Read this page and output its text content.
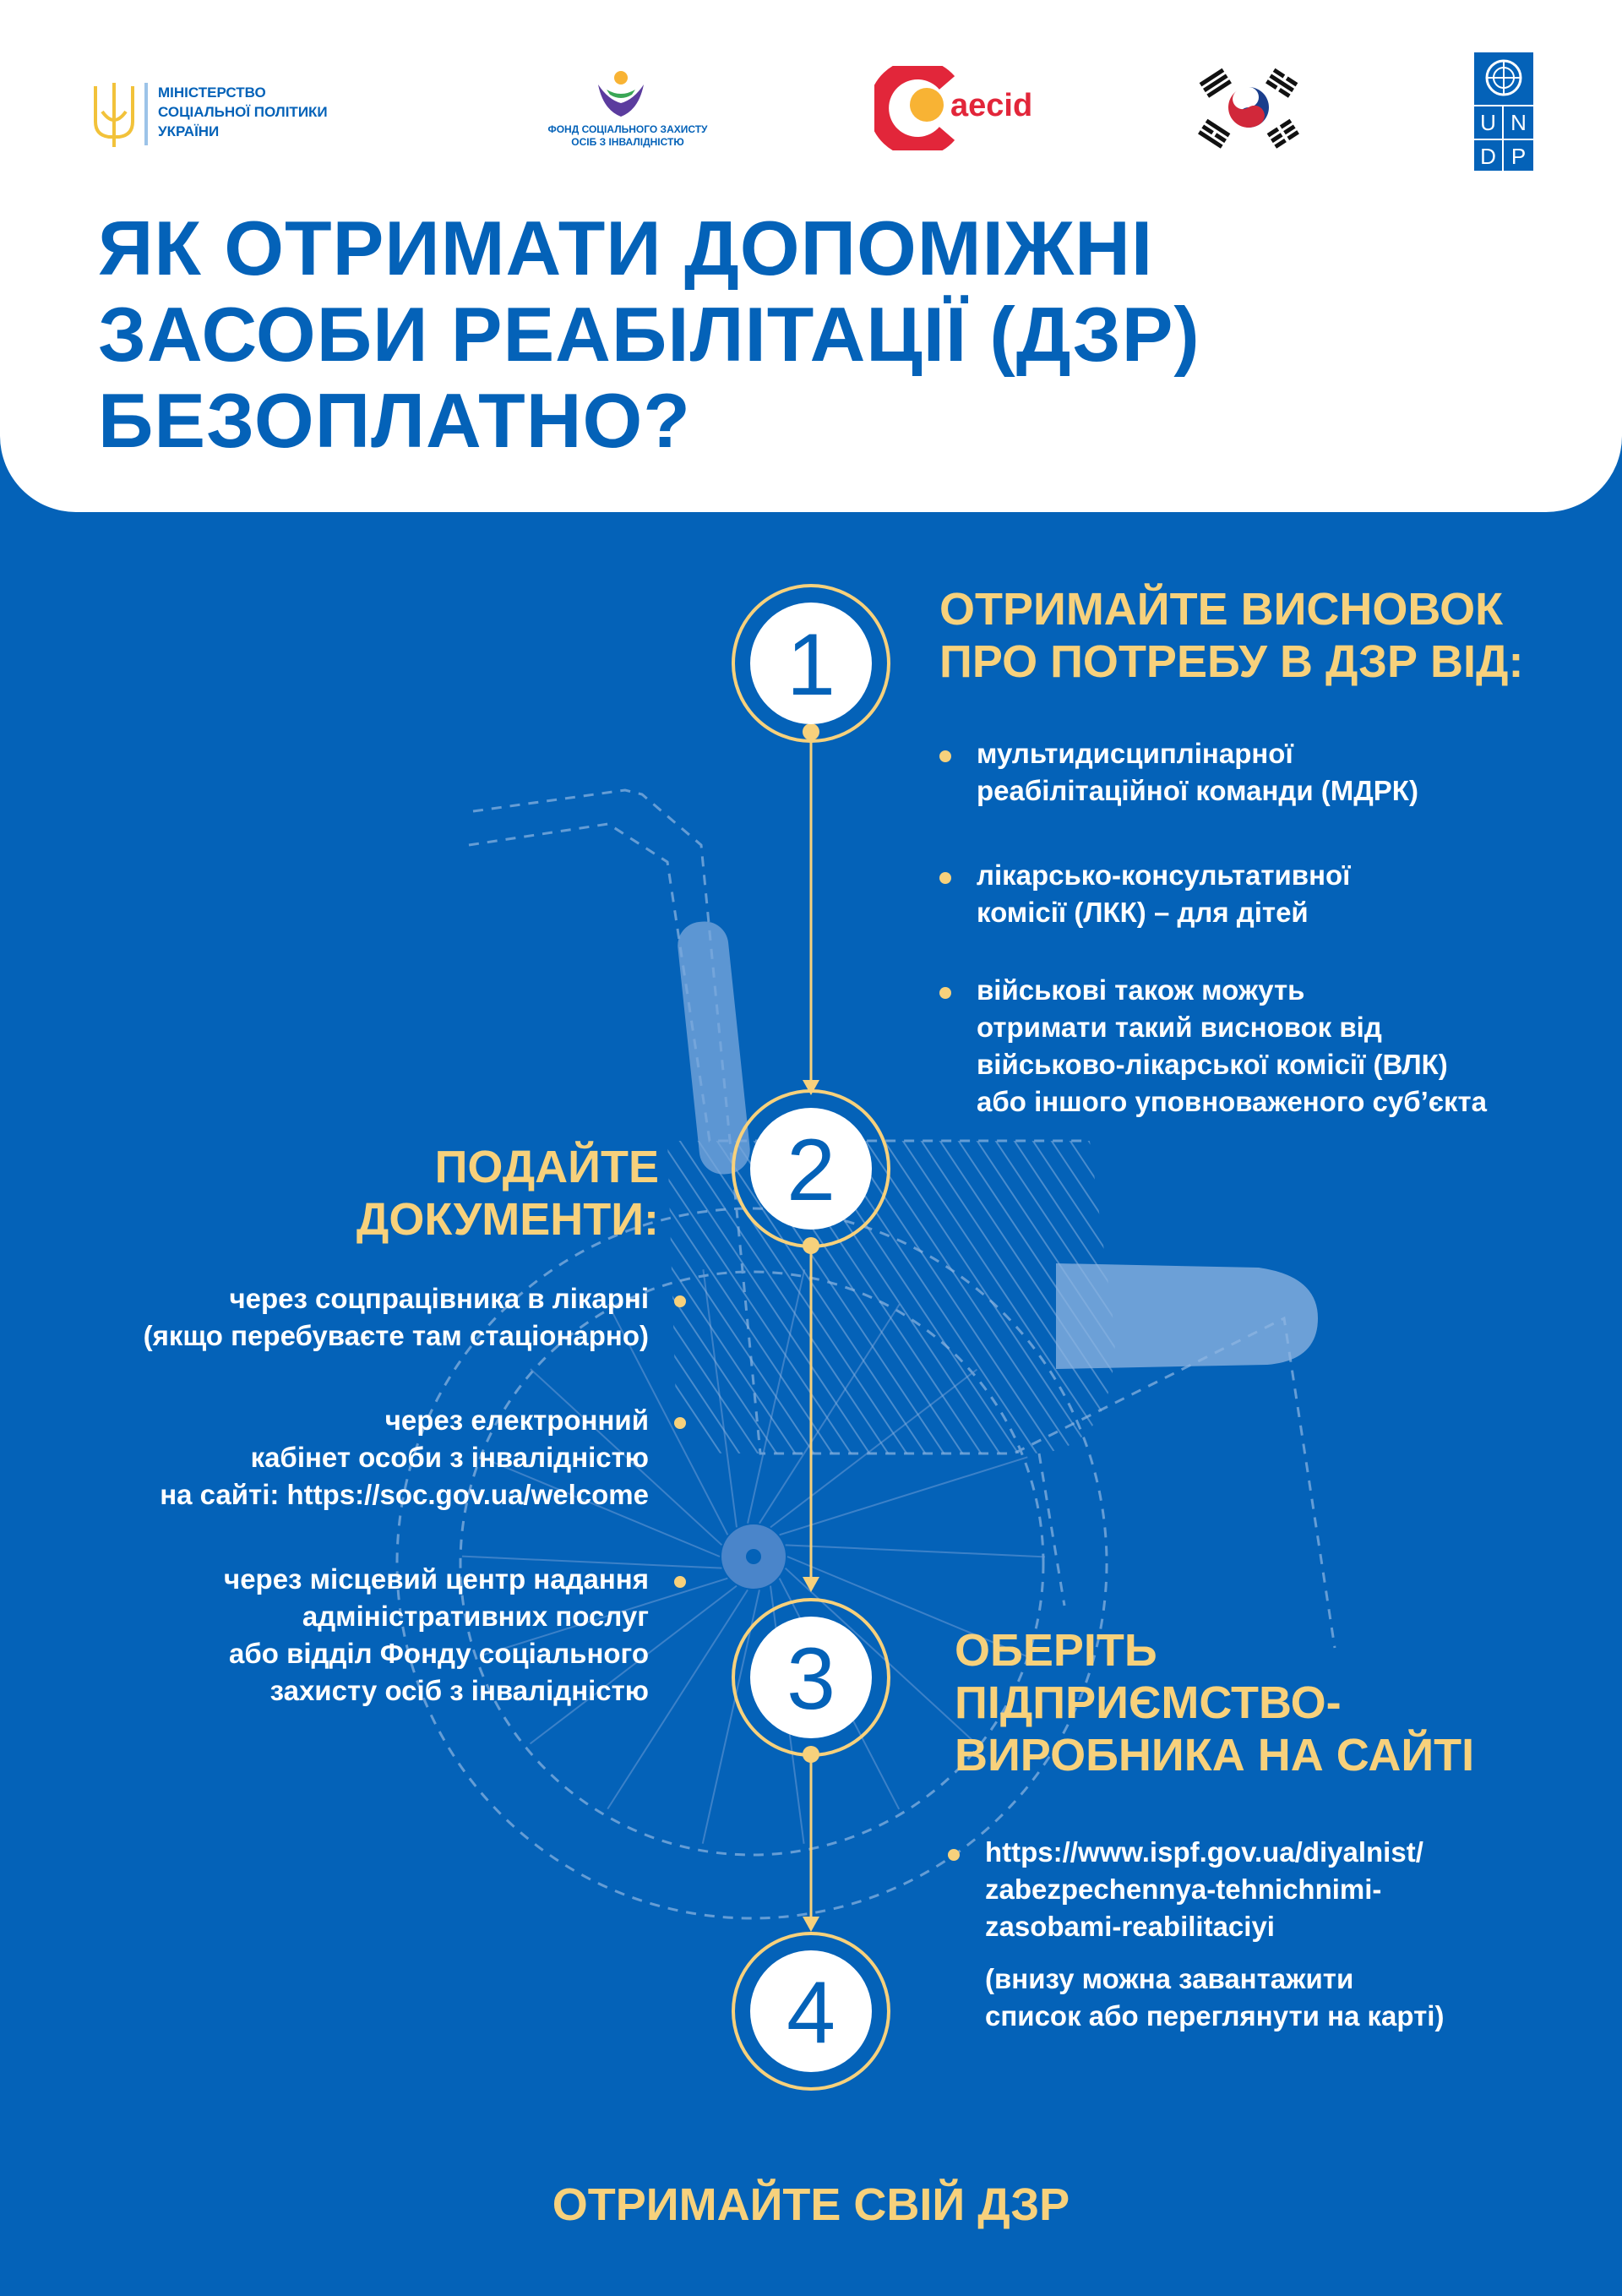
1
2
3
4
МІНІСТЕРСТВО
СОЦІАЛЬНОЇ ПОЛІТИКИ
УКРАЇНИ	ФОНД СОЦІАЛЬНОГО ЗАХИСТУ
ОСІБ З ІНВАЛІДНІСТЮ
aecid	U N
D P
ЯК ОТРИМАТИ ДОПОМІЖНІ
ЗАСОБИ РЕАБІЛІТАЦІЇ (ДЗР)
БЕЗОПЛАТНО?
ОТРИМАЙТЕ ВИСНОВОК
ПРО ПОТРЕБУ В ДЗР ВІД:
мультидисциплінарної
реабілітаційної команди (МДРК)
лікарсько-консультативної
комісії (ЛКК) – для дітей
військові також можуть
отримати такий висновок від
військово-лікарської комісії (ВЛК)
або іншого уповноваженого суб’єкта
ПОДАЙТЕ
ДОКУМЕНТИ:
через соцпрацівника в лікарні
(якщо перебуваєте там стаціонарно)
через електронний
кабінет особи з інвалідністю
на сайті: https://soc.gov.ua/welcome
через місцевий центр надання
адміністративних послуг
або відділ Фонду соціального
захисту осіб з інвалідністю
ОБЕРІТЬ
ПІДПРИЄМСТВО-
ВИРОБНИКА НА САЙТІ
https://www.ispf.gov.ua/diyalnist/
zabezpechennya-tehnichnimi-
zasobami-reabilitaciyi

(внизу можна завантажити
список або переглянути на карті)

ОТРИМАЙТЕ СВІЙ ДЗР
